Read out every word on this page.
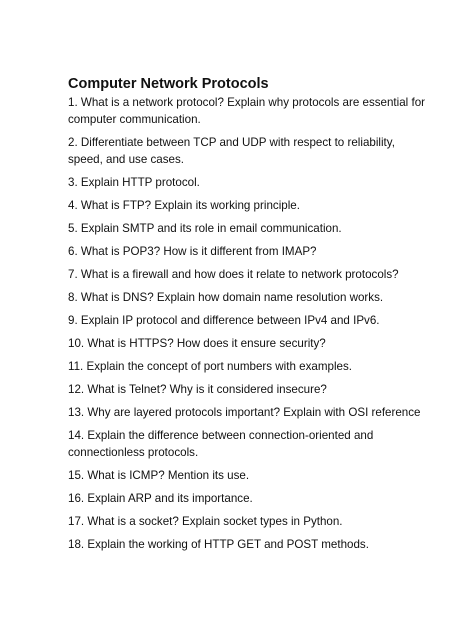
Computer Network Protocols
1. What is a network protocol? Explain why protocols are essential for
computer communication.
2. Differentiate between TCP and UDP with respect to reliability,
speed, and use cases.
3. Explain HTTP protocol.
4. What is FTP? Explain its working principle.
5. Explain SMTP and its role in email communication.
6. What is POP3? How is it different from IMAP?
7. What is a firewall and how does it relate to network protocols?
8. What is DNS? Explain how domain name resolution works.
9. Explain IP protocol and difference between IPv4 and IPv6.
10. What is HTTPS? How does it ensure security?
11. Explain the concept of port numbers with examples.
12. What is Telnet? Why is it considered insecure?
13. Why are layered protocols important? Explain with OSI reference
14. Explain the difference between connection-oriented and
connectionless protocols.
15. What is ICMP? Mention its use.
16. Explain ARP and its importance.
17. What is a socket? Explain socket types in Python.
18. Explain the working of HTTP GET and POST methods.
